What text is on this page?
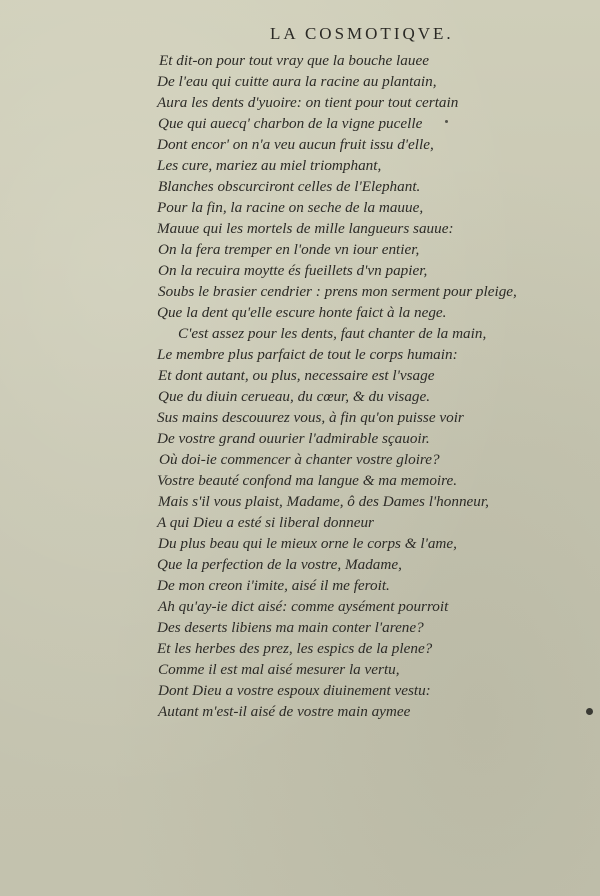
LA COSMOTIQVE.
Et dit-on pour tout vray que la bouche lauee
De l'eau qui cuitte aura la racine au plantain,
Aura les dents d'yuoire: on tient pour tout certain
Que qui auecq' charbon de la vigne pucelle
Dont encor' on n'a veu aucun fruit issu d'elle,
Les cure, mariez au miel triomphant,
Blanches obscurciront celles de l'Elephant.
Pour la fin, la racine on seche de la mauue,
Mauue qui les mortels de mille langueurs sauue:
On la fera tremper en l'onde vn iour entier,
On la recuira moytte és fueillets d'vn papier,
Soubs le brasier cendrier : prens mon serment pour pleige,
Que la dent qu'elle escure honte faict à la nege.
C'est assez pour les dents, faut chanter de la main,
Le membre plus parfaict de tout le corps humain:
Et dont autant, ou plus, necessaire est l'vsage
Que du diuin cerueau, du cœur, & du visage.
Sus mains descouurez vous, à fin qu'on puisse voir
De vostre grand ouurier l'admirable sçauoir.
Où doi-ie commencer à chanter vostre gloire?
Vostre beauté confond ma langue & ma memoire.
Mais s'il vous plaist, Madame, ô des Dames l'honneur,
A qui Dieu a esté si liberal donneur
Du plus beau qui le mieux orne le corps & l'ame,
Que la perfection de la vostre, Madame,
De mon creon i'imite, aisé il me feroit.
Ah qu'ay-ie dict aisé: comme aysément pourroit
Des deserts libiens ma main conter l'arene?
Et les herbes des prez, les espics de la plene?
Comme il est mal aisé mesurer la vertu,
Dont Dieu a vostre espoux diuinement vestu:
Autant m'est-il aisé de vostre main aymee
